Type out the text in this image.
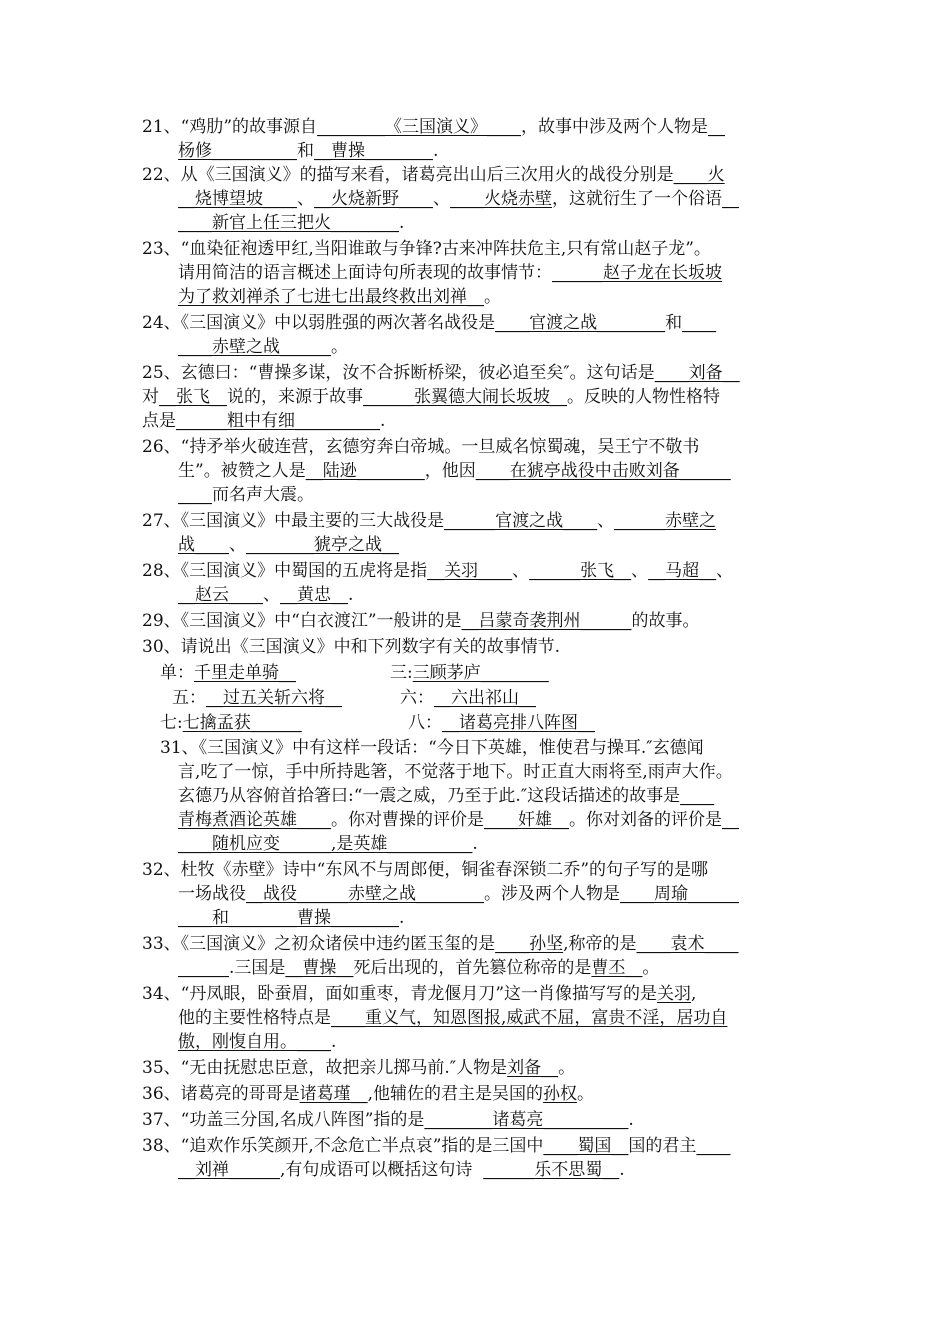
21、“鸡肋”的故事源自________《三国演义》____，故事中涉及两个人物是__
杨修__________和__曹操________.
22、从《三国演义》的描写来看，诸葛亮出山后三次用火的战役分别是____火
__烧博望坡____、__火烧新野____、____火烧赤壁，这就衍生了一个俗语__
____新官上任三把火________.
23、“血染征袍透甲红,当阳谁敢与争锋?古来冲阵扶危主,只有常山赵子龙”。
请用简洁的语言概述上面诗句所表现的故事情节：______赵子龙在长坂坡
为了救刘禅杀了七进七出最终救出刘禅__。
24、《三国演义》中以弱胜强的两次著名战役是____官渡之战________和____
____赤壁之战______。
25、玄德曰：“曹操多谋，汝不合拆断桥梁，彼必追至矣″。这句话是____刘备__
对__张飞__说的，来源于故事______张翼德大闹长坂坡__。反映的人物性格特
点是______粗中有细__________.
26、“持矛举火破连营，玄德穷奔白帝城。一旦威名惊蜀魂，吴王宁不敬书
生”。被赞之人是__陆逊________，他因____在猇亭战役中击败刘备______
____而名声大震。
27、《三国演义》中最主要的三大战役是______官渡之战____、______赤壁之
战____、________猇亭之战__
28、《三国演义》中蜀国的五虎将是指__关羽____、______张飞__、__马超__、
__赵云____、__黄忠__.
29、《三国演义》中“白衣渡江”一般讲的是__吕蒙奇袭荆州______的故事。
30、请说出《三国演义》中和下列数字有关的故事情节.
单：千里走单骑__	三:三顾茅庐________
五：__过五关斩六将__	六：__六出祁山__
七:七擒孟获______	八：__诸葛亮排八阵图__
31、《三国演义》中有这样一段话：“今日下英雄，惟使君与操耳.″玄德闻
言,吃了一惊，手中所持匙箸，不觉落于地下。时正直大雨将至,雨声大作。
玄德乃从容俯首拾箸曰:“一震之威，乃至于此.″这段话描述的故事是____
青梅煮酒论英雄____。你对曹操的评价是____奸雄__。你对刘备的评价是__
____随机应变______,是英雄__________.
32、杜牧《赤壁》诗中“东风不与周郎便，铜雀春深锁二乔”的句子写的是哪
一场战役__战役______赤壁之战________。涉及两个人物是____周瑜______
____和________曹操________.
33、《三国演义》之初众诸侯中违约匿玉玺的是____孙坚,称帝的是____袁术____
______.三国是__曹操__死后出现的，首先篡位称帝的是曹丕__。
34、“丹凤眼，卧蚕眉，面如重枣，青龙偃月刀”这一肖像描写写的是关羽,
他的主要性格特点是____重义气，知恩图报,威武不屈，富贵不淫，居功自
傲，刚愎自用。____.
35、“无由抚慰忠臣意，故把亲儿掷马前.″人物是刘备__。
36、诸葛亮的哥哥是诸葛瑾__,他辅佐的君主是吴国的孙权。
37、“功盖三分国,名成八阵图”指的是________诸葛亮__________.
38、“追欢作乐笑颜开,不念危亡半点哀”指的是三国中____蜀国__国的君主____
__刘禅______,有句成语可以概括这句诗  ______乐不思蜀__.
